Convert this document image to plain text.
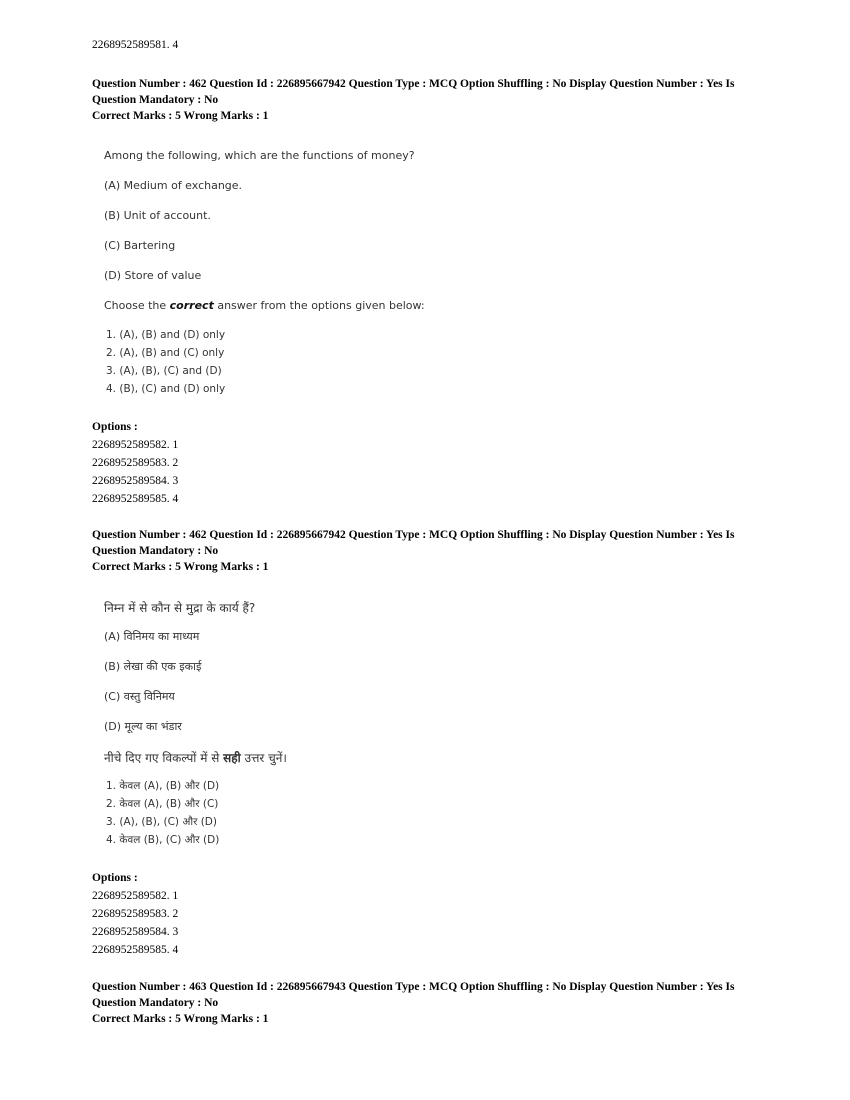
2268952589581. 4
Question Number : 462 Question Id : 226895667942 Question Type : MCQ Option Shuffling : No Display Question Number : Yes Is
Question Mandatory : No
Correct Marks : 5 Wrong Marks : 1
Among the following, which are the functions of money?
(A) Medium of exchange.
(B) Unit of account.
(C) Bartering
(D) Store of value
Choose the correct answer from the options given below:
1. (A), (B) and (D) only
2. (A), (B) and (C) only
3. (A), (B), (C) and (D)
4. (B), (C) and (D) only
Options :
2268952589582. 1
2268952589583. 2
2268952589584. 3
2268952589585. 4
Question Number : 462 Question Id : 226895667942 Question Type : MCQ Option Shuffling : No Display Question Number : Yes Is
Question Mandatory : No
Correct Marks : 5 Wrong Marks : 1
निम्न में से कौन से मुद्रा के कार्य हैं?
(A) विनिमय का माध्यम
(B) लेखा की एक इकाई
(C) वस्तु विनिमय
(D) मूल्य का भंडार
नीचे दिए गए विकल्पों में से सही उत्तर चुनें।
1. केवल (A), (B) और (D)
2. केवल (A), (B) और (C)
3. (A), (B), (C) और (D)
4. केवल (B), (C) और (D)
Options :
2268952589582. 1
2268952589583. 2
2268952589584. 3
2268952589585. 4
Question Number : 463 Question Id : 226895667943 Question Type : MCQ Option Shuffling : No Display Question Number : Yes Is
Question Mandatory : No
Correct Marks : 5 Wrong Marks : 1
